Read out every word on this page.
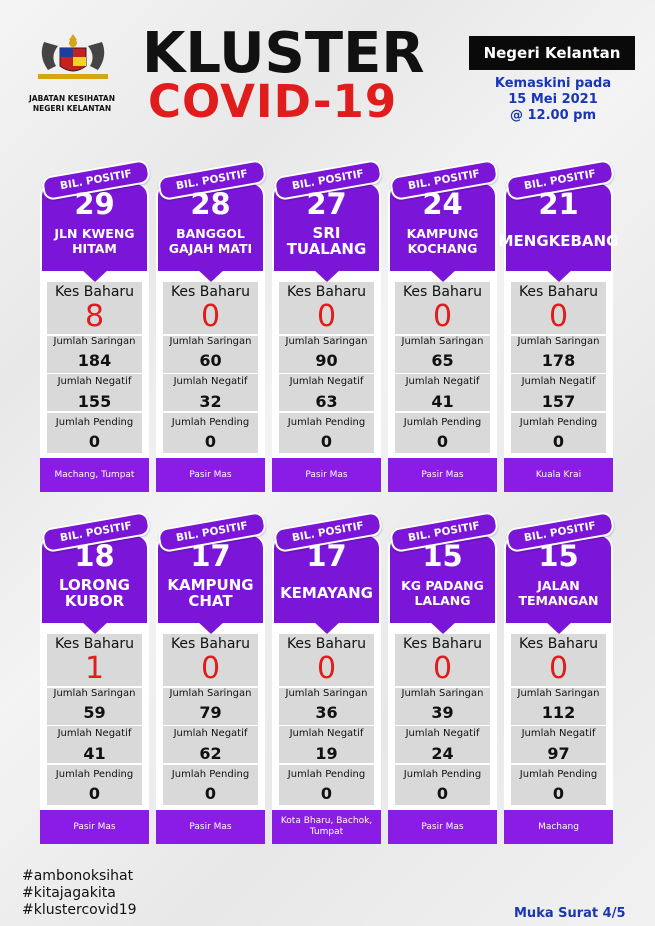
JABATAN KESIHATAN
NEGERI KELANTAN
KLUSTER
COVID-19
Negeri Kelantan
Kemaskini pada
15 Mei 2021
@ 12.00 pm
BIL. POSITIF
29
JLN KWENG HITAM
Kes Baharu
8
Jumlah Saringan
184
Jumlah Negatif
155
Jumlah Pending
0
Machang, Tumpat
BIL. POSITIF
28
BANGGOL GAJAH MATI
Kes Baharu
0
Jumlah Saringan
60
Jumlah Negatif
32
Jumlah Pending
0
Pasir Mas
BIL. POSITIF
27
SRI TUALANG
Kes Baharu
0
Jumlah Saringan
90
Jumlah Negatif
63
Jumlah Pending
0
Pasir Mas
BIL. POSITIF
24
KAMPUNG KOCHANG
Kes Baharu
0
Jumlah Saringan
65
Jumlah Negatif
41
Jumlah Pending
0
Pasir Mas
BIL. POSITIF
21
MENGKEBANG
Kes Baharu
0
Jumlah Saringan
178
Jumlah Negatif
157
Jumlah Pending
0
Kuala Krai
BIL. POSITIF
18
LORONG KUBOR
Kes Baharu
1
Jumlah Saringan
59
Jumlah Negatif
41
Jumlah Pending
0
Pasir Mas
BIL. POSITIF
17
KAMPUNG CHAT
Kes Baharu
0
Jumlah Saringan
79
Jumlah Negatif
62
Jumlah Pending
0
Pasir Mas
BIL. POSITIF
17
KEMAYANG
Kes Baharu
0
Jumlah Saringan
36
Jumlah Negatif
19
Jumlah Pending
0
Kota Bharu, Bachok, Tumpat
BIL. POSITIF
15
KG PADANG LALANG
Kes Baharu
0
Jumlah Saringan
39
Jumlah Negatif
24
Jumlah Pending
0
Pasir Mas
BIL. POSITIF
15
JALAN TEMANGAN
Kes Baharu
0
Jumlah Saringan
112
Jumlah Negatif
97
Jumlah Pending
0
Machang
#ambonoksihat
#kitajagakita
#klustercovid19	Muka Surat 4/5
